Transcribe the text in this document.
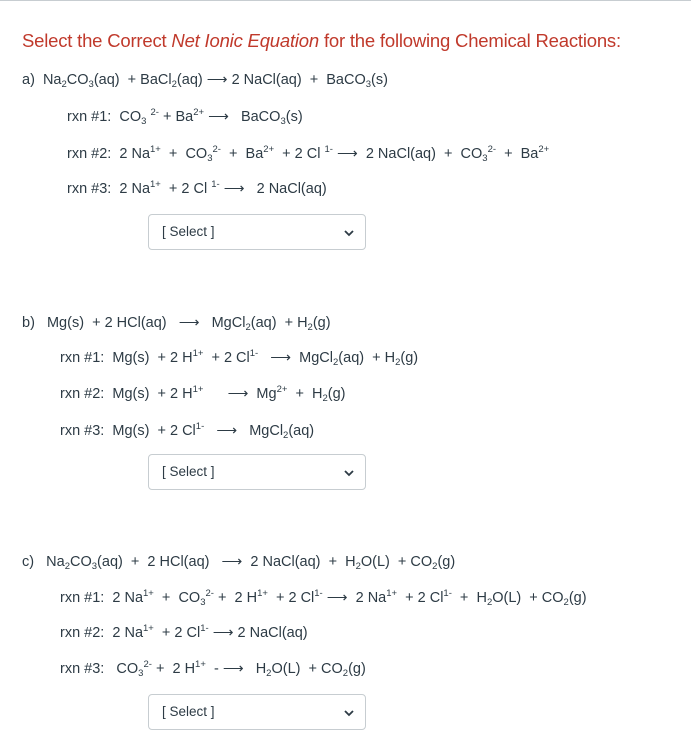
Select the Correct Net Ionic Equation for the following Chemical Reactions:
a)  $Na_2CO_3(aq)$  + BaCl$_2$(aq) ⟶ 2 NaCl(aq)  +  BaCO$_3$(s)
rxn #1:  $CO_3$ $^{2-} + Ba^{2+}$ ⟶   BaCO$_3$(s)
rxn #2:  2 $Na^{1+} + CO_3^{2-} + Ba^{2+} + 2$ Cl $^{1-}$ ⟶  2 NaCl(aq)  +  $CO_3^{2-} + Ba^{2+}$
rxn #3:  2 $Na^{1+} + 2$ Cl $^{1-}$ ⟶   2 NaCl(aq)
[ Select ]
b)   Mg(s)  + 2 HCl(aq)   ⟶   MgCl$_2$(aq)  + $H_2(g)$
rxn #1:  Mg(s)  + 2 $H^{1+} + 2$ $Cl^{1-}$ ⟶  MgCl$_2$(aq)  + $H_2(g)$
rxn #2:  Mg(s)  + 2 $H^{1+}$ ⟶  $Mg^{2+} + H_2(g)$
rxn #3:  Mg(s)  + 2 $Cl^{1-}$ ⟶   MgCl$_2$(aq)
[ Select ]
c)   $Na_2CO_3(aq) + 2$ HCl(aq)   ⟶  2 NaCl(aq)  +  $H_2O(L) + CO_2(g)$
rxn #1:  2 $Na^{1+} + CO_3^{2-} + 2$ $H^{1+} + 2$ $Cl^{1-}$ ⟶  2 $Na^{1+} + 2$ $Cl^{1-} + H_2O(L) + CO_2(g)$
rxn #2:  2 $Na^{1+} + 2$ $Cl^{1-}$ ⟶ 2 NaCl(aq)
rxn #3:   $CO_3^{2-} + 2$ $H^{1+}$  - ⟶   $H_2O(L) + CO_2(g)$
[ Select ]
